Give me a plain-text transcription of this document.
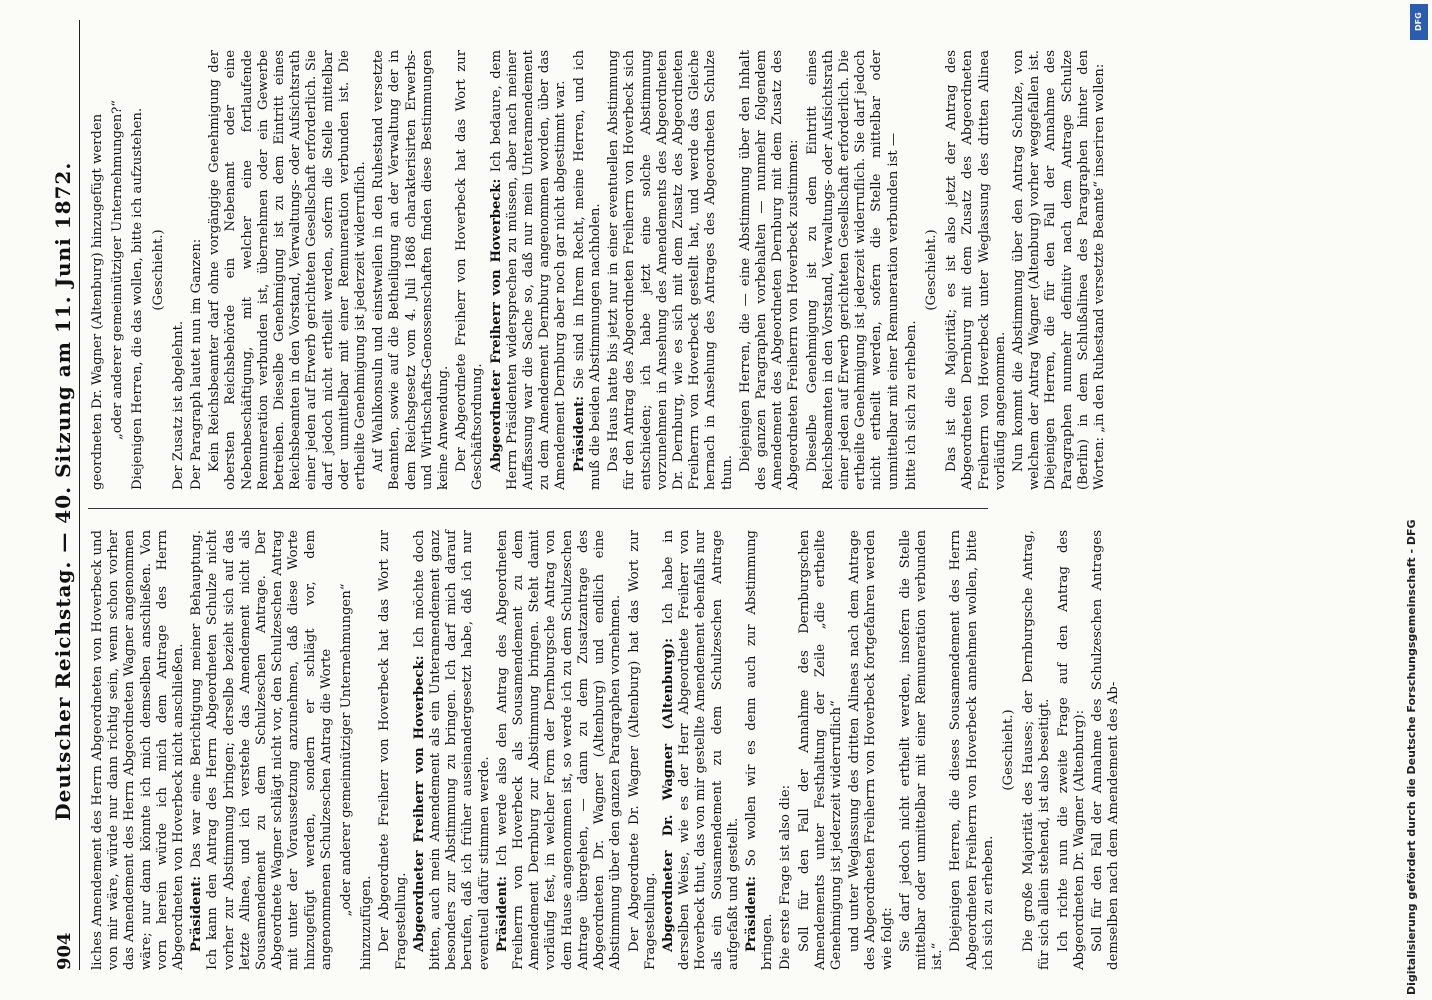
904
Deutscher Reichstag. — 40. Sitzung am 11. Juni 1872. liches Amendement des Herrn Abgeordneten von Hoverbeck und von mir wäre, würde nur dann richtig sein, wenn schon vorher das Amendement des Herrn Abgeordneten Wagner angenommen wäre; nur dann könnte ich mich demselben anschließen. Von vorn herein würde ich mich dem Antrage des Herrn Abgeordneten von Hoverbeck nicht anschließen. Präsident: Das war eine Berichtigung meiner Behauptung. Ich kann den Antrag des Herrn Abgeordneten Schulze nicht vorher zur Abstimmung bringen; derselbe bezieht sich auf das letzte Alinea, und ich verstehe das Amendement nicht als Sousamendement zu dem Schulzeschen Antrage. Der Abgeordnete Wagner schlägt nicht vor, den Schulzeschen Antrag mit unter der Voraussetzung anzunehmen, daß diese Worte hinzugefügt werden, sondern er schlägt vor, dem angenommenen Schulzeschen Antrag die Worte „oder anderer gemeinnütziger Unternehmungen“

hinzuzufügen. Der Abgeordnete Freiherr von Hoverbeck hat das Wort zur Fragestellung. Abgeordneter Freiherr von Hoverbeck: Ich möchte doch bitten, auch mein Amendement als ein Unteramendement ganz besonders zur Abstimmung zu bringen. Ich darf mich darauf berufen, daß ich früher auseinandergesetzt habe, daß ich nur eventuell dafür stimmen werde. Präsident: Ich werde also den Antrag des Abgeordneten Freiherrn von Hoverbeck als Sousamendement zu dem Amendement Dernburg zur Abstimmung bringen. Steht damit vorläufig fest, in welcher Form der Dernburgsche Antrag von dem Hause angenommen ist, so werde ich zu dem Schulzeschen Antrage übergehen, — dann zu dem Zusatzantrage des Abgeordneten Dr. Wagner (Altenburg) und endlich eine Abstimmung über den ganzen Paragraphen vornehmen. Der Abgeordnete Dr. Wagner (Altenburg) hat das Wort zur Fragestellung. Abgeordneter Dr. Wagner (Altenburg): Ich habe in derselben Weise, wie es der Herr Abgeordnete Freiherr von Hoverbeck thut, das von mir gestellte Amendement ebenfalls nur als ein Sousamendement zu dem Schulzeschen Antrage aufgefaßt und gestellt. Präsident: So wollen wir es denn auch zur Abstimmung bringen. Die erste Frage ist also die: Soll für den Fall der Annahme des Dernburgschen Amendements unter Festhaltung der Zeile „die ertheilte Genehmigung ist jederzeit widerruflich“ und unter Weglassung des dritten Alineas nach dem Antrage des Abgeordneten Freiherrn von Hoverbeck fortgefahren werden wie folgt: Sie darf jedoch nicht ertheilt werden, insofern die Stelle mittelbar oder unmittelbar mit einer Remuneration verbunden ist.“

Diejenigen Herren, die dieses Sousamendement des Herrn Abgeordneten Freiherrn von Hoverbeck annehmen wollen, bitte ich sich zu erheben.

(Geschieht.) Die große Majorität des Hauses; der Dernburgsche Antrag, für sich allein stehend, ist also beseitigt. Ich richte nun die zweite Frage auf den Antrag des Abgeordneten Dr. Wagner (Altenburg): Soll für den Fall der Annahme des Schulzeschen Antrages demselben nach dem Amendement des Ab-

geordneten Dr. Wagner (Altenburg) hinzugefügt werden „oder anderer gemeinnütziger Unternehmungen?“ Diejenigen Herren, die das wollen, bitte ich aufzustehen. (Geschieht.)

Der Zusatz ist abgelehnt. Der Paragraph lautet nun im Ganzen: Kein Reichsbeamter darf ohne vorgängige Genehmigung der obersten Reichsbehörde ein Nebenamt oder eine Nebenbeschäftigung, mit welcher eine fortlaufende Remuneration verbunden ist, übernehmen oder ein Gewerbe betreiben. Dieselbe Genehmigung ist zu dem Eintritt eines Reichsbeamten in den Vorstand, Verwaltungs- oder Aufsichtsrath einer jeden auf Erwerb gerichteten Gesellschaft erforderlich. Sie darf jedoch nicht ertheilt werden, sofern die Stelle mittelbar oder unmittelbar mit einer Remuneration verbunden ist. Die ertheilte Genehmigung ist jederzeit widerruflich. Auf Wahlkonsuln und einstweilen in den Ruhestand versetzte Beamten, sowie auf die Betheiligung an der Verwaltung der in dem Reichsgesetz vom 4. Juli 1868 charakterisirten Erwerbs- und Wirthschafts-Genossenschaften finden diese Bestimmungen keine Anwendung. Der Abgeordnete Freiherr von Hoverbeck hat das Wort zur Geschäftsordnung. Abgeordneter Freiherr von Hoverbeck: Ich bedaure, dem Herrn Präsidenten widersprechen zu müssen, aber nach meiner Auffassung war die Sache so, daß nur mein Unteramendement zu dem Amendement Dernburg angenommen worden, über das Amendement Dernburg aber noch gar nicht abgestimmt war. Präsident: Sie sind in Ihrem Recht, meine Herren, und ich muß die beiden Abstimmungen nachholen. Das Haus hatte bis jetzt nur in einer eventuellen Abstimmung für den Antrag des Abgeordneten Freiherrn von Hoverbeck sich entschieden; ich habe jetzt eine solche Abstimmung vorzunehmen in Ansehung des Amendements des Abgeordneten Dr. Dernburg, wie es sich mit dem Zusatz des Abgeordneten Freiherrn von Hoverbeck gestellt hat, und werde das Gleiche hernach in Ansehung des Antrages des Abgeordneten Schulze thun.

Diejenigen Herren, die — eine Abstimmung über den Inhalt des ganzen Paragraphen vorbehalten — nunmehr folgendem Amendement des Abgeordneten Dernburg mit dem Zusatz des Abgeordneten Freiherrn von Hoverbeck zustimmen: Dieselbe Genehmigung ist zu dem Eintritt eines Reichsbeamten in den Vorstand, Verwaltungs- oder Aufsichtsrath einer jeden auf Erwerb gerichteten Gesellschaft erforderlich. Die ertheilte Genehmigung ist jederzeit widerruflich. Sie darf jedoch nicht ertheilt werden, sofern die Stelle mittelbar oder unmittelbar mit einer Remuneration verbunden ist — bitte ich sich zu erheben.

(Geschieht.) Das ist die Majorität; es ist also jetzt der Antrag des Abgeordneten Dernburg mit dem Zusatz des Abgeordneten Freiherrn von Hoverbeck unter Weglassung des dritten Alinea vorläufig angenommen. Nun kommt die Abstimmung über den Antrag Schulze, von welchem der Antrag Wagner (Altenburg) vorher weggefallen ist. Diejenigen Herren, die für den Fall der Annahme des Paragraphen nunmehr definitiv nach dem Antrage Schulze (Berlin) in dem Schlußalinea des Paragraphen hinter den Worten: „in den Ruhestand versetzte Beamte“ inseriren wollen:

Digitalisierung gefördert durch die Deutsche Forschungsgemeinschaft - DFG
DFG
